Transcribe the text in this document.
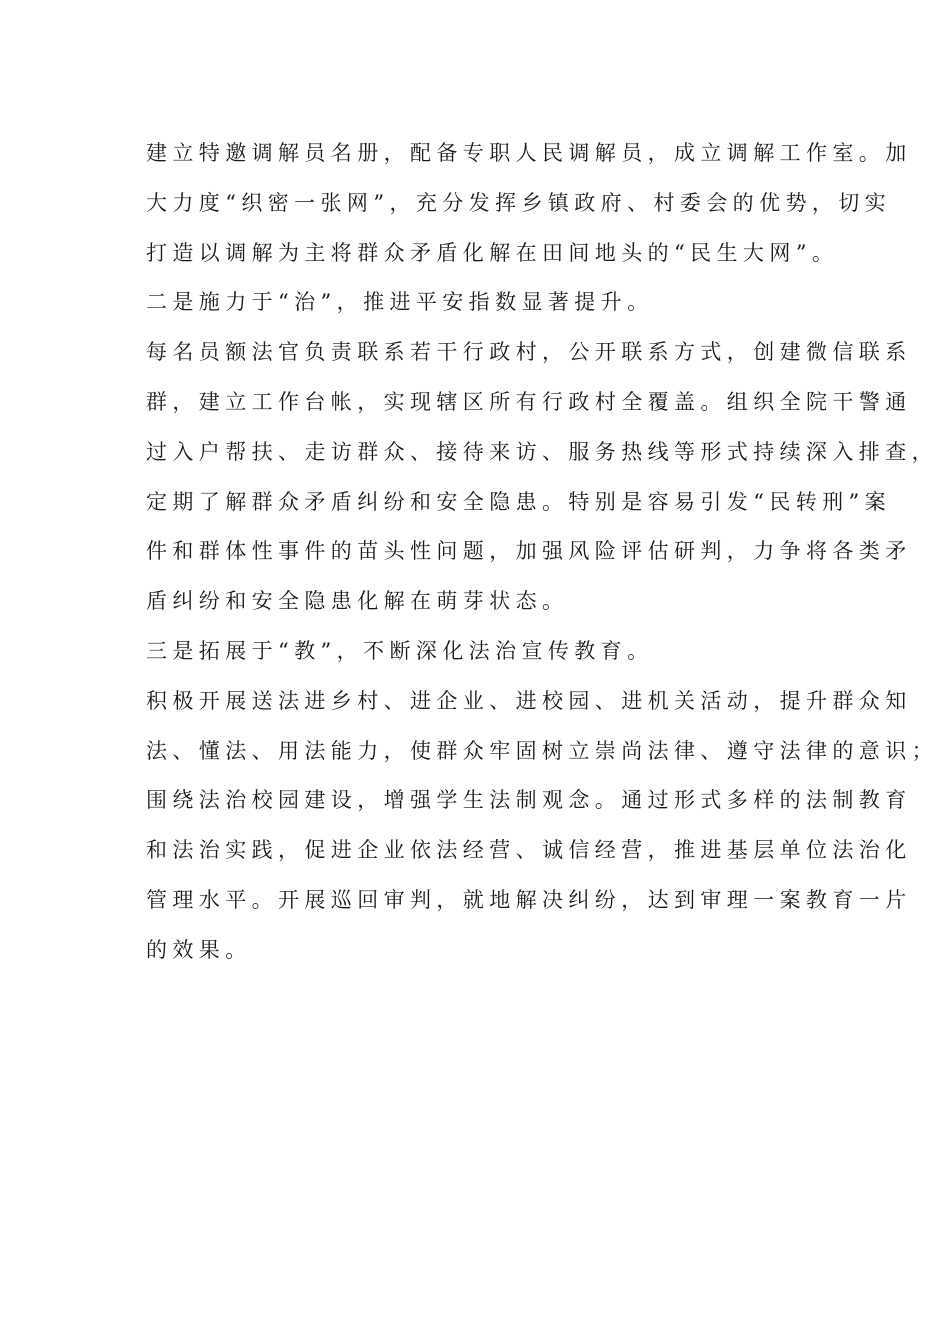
建立特邀调解员名册，配备专职人民调解员，成立调解工作室。加
大力度“织密一张网”，充分发挥乡镇政府、村委会的优势，切实
打造以调解为主将群众矛盾化解在田间地头的“民生大网”。
二是施力于“治”，推进平安指数显著提升。
每名员额法官负责联系若干行政村，公开联系方式，创建微信联系
群，建立工作台帐，实现辖区所有行政村全覆盖。组织全院干警通
过入户帮扶、走访群众、接待来访、服务热线等形式持续深入排查，
定期了解群众矛盾纠纷和安全隐患。特别是容易引发“民转刑”案
件和群体性事件的苗头性问题，加强风险评估研判，力争将各类矛
盾纠纷和安全隐患化解在萌芽状态。
三是拓展于“教”，不断深化法治宣传教育。
积极开展送法进乡村、进企业、进校园、进机关活动，提升群众知
法、懂法、用法能力，使群众牢固树立崇尚法律、遵守法律的意识；
围绕法治校园建设，增强学生法制观念。通过形式多样的法制教育
和法治实践，促进企业依法经营、诚信经营，推进基层单位法治化
管理水平。开展巡回审判，就地解决纠纷，达到审理一案教育一片
的效果。
